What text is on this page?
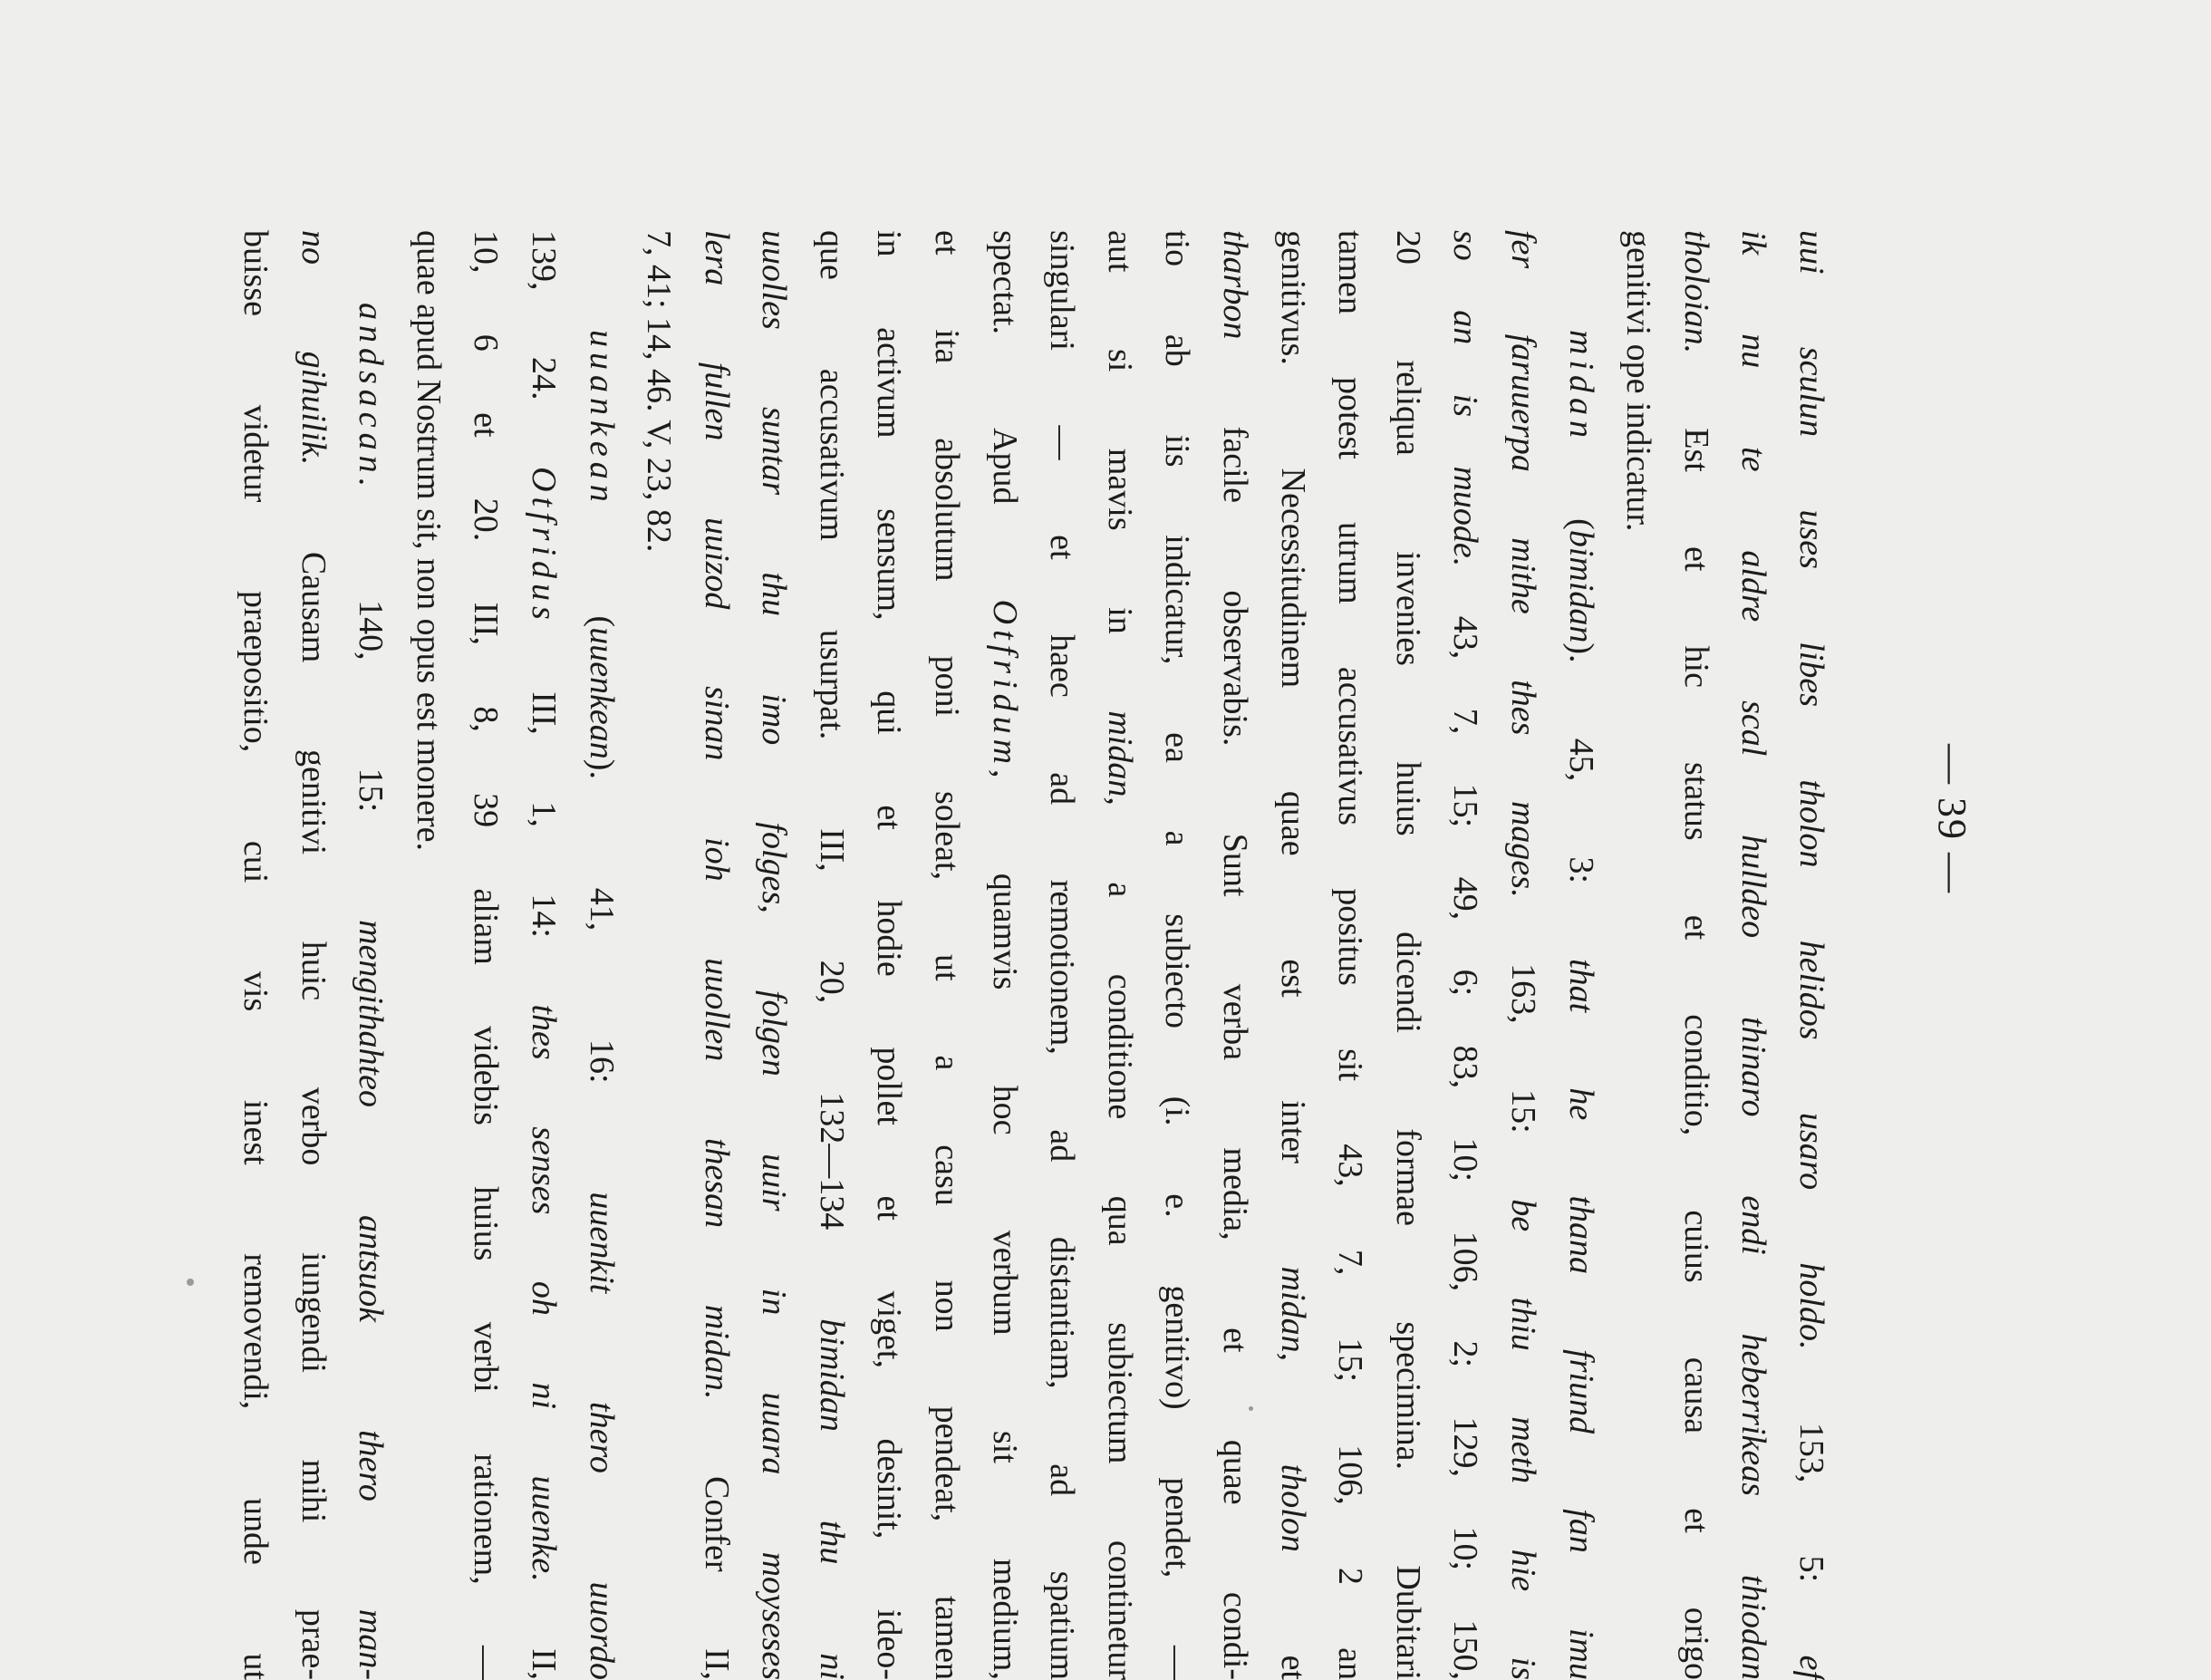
— 39 —
uui sculun uses libes tholon helidos usaro holdo. 153, 5: ef
ik nu te aldre scal hulldeo thinaro endi heberrikeas thiodan
tholoian. Est et hic status et conditio, cuius causa et origo
genitivi ope indicatur.
midan (bimidan). 45, 3: that he thana friund fan imu
fer faruuerpa mithe thes mages. 163, 15: be thiu meth hie is
so an is muode. 43, 7, 15; 49, 6; 83, 10; 106, 2; 129, 10; 150,
20 reliqua invenies huius dicendi formae specimina. Dubitari
tamen potest utrum accusativus positus sit 43, 7, 15; 106, 2 an
genitivus. Necessitudinem quae est inter midan, tholon et
tharbon facile observabis. Sunt verba media, et quae condi-
tio ab iis indicatur, ea a subiecto (i. e. genitivo) pendet, —
aut si mavis in midan, a conditione qua subiectum continetur
singulari — et haec ad remotionem, ad distantiam, ad spatium
spectat. Apud Otfridum, quamvis hoc verbum sit medium,
et ita absolutum poni soleat, ut a casu non pendeat, tamen
in activum sensum, qui et hodie pollet et viget, desinit, ideo-
que accusativum usurpat. III, 20, 132—134 bimidan thu ni
uuolles suntar thu imo folges, folgen uuir in uuara moyseses
lera fullen uuizod sinan ioh uuollen thesan midan. Confer II,
7, 41; 14, 46. V, 23, 82.
uuankean (uuenkean). 41, 16: uuenkit thero uuordo
139, 24. Otfridus III, 1, 14: thes senses oh ni uuenke. II,
10, 6 et 20. III, 8, 39 aliam videbis huius verbi rationem, —
quae apud Nostrum sit, non opus est monere.
andsacan. 140, 15: mengithahteo antsuok thero man-
no gihuilik. Causam genitivi huic verbo iungendi mihi prae-
buisse videtur praepositio, cui vis inest removendi, unde ut
